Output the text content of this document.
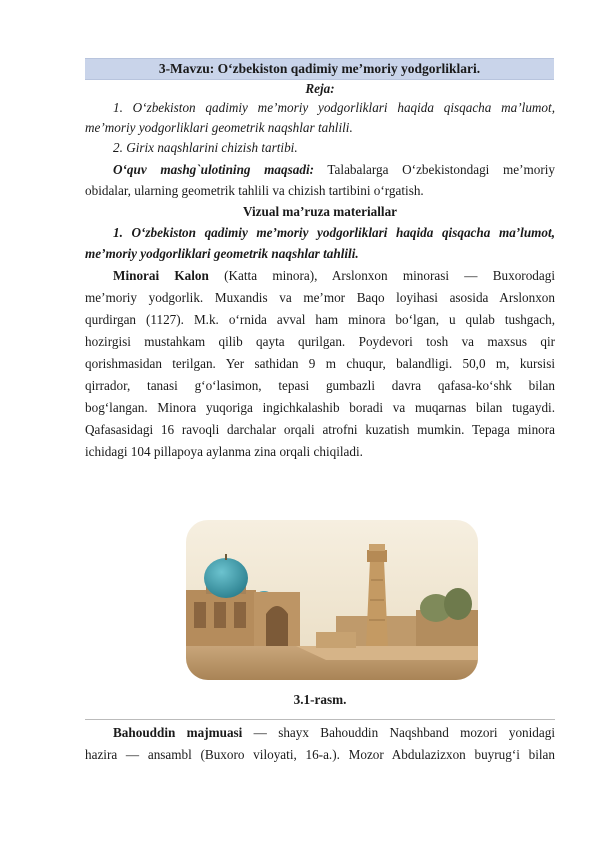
3-Mavzu: O‘zbekiston qadimiy me’moriy yodgorliklari.
Reja:
1. O‘zbekiston qadimiy me’moriy yodgorliklari haqida qisqacha ma’lumot,
me’moriy yodgorliklari geometrik naqshlar tahlili.
2. Girix naqshlarini chizish tartibi.
O‘quv mashg`ulotining maqsadi: Talabalarga O‘zbekistondagi me’moriy
obidalar, ularning geometrik tahlili va chizish tartibini o‘rgatish.
Vizual ma’ruza materiallar
1. O‘zbekiston qadimiy me’moriy yodgorliklari haqida qisqacha ma’lumot,
me’moriy yodgorliklari geometrik naqshlar tahlili.
Minorai Kalon (Katta minora), Arslonxon minorasi — Buxorodagi
me’moriy yodgorlik. Muxandis va me’mor Baqo loyihasi asosida Arslonxon
qurdirgan (1127). M.k. o‘rnida avval ham minora bo‘lgan, u qulab tushgach,
hozirgisi mustahkam qilib qayta qurilgan. Poydevori tosh va maxsus qir
qorishmasidan terilgan. Yer sathidan 9 m chuqur, balandligi. 50,0 m, kursisi
qirrador, tanasi g‘o‘lasimon, tepasi gumbazli davra qafasa-ko‘shk bilan
bog‘langan. Minora yuqoriga ingichkalashib boradi va muqarnas bilan tugaydi.
Qafasasidagi 16 ravoqli darchalar orqali atrofni kuzatish mumkin. Tepaga minora
ichidagi 104 pillapoya aylanma zina orqali chiqiladi.
3.1-rasm.
Bahouddin majmuasi — shayx Bahouddin Naqshband mozori yonidagi
hazira — ansambl (Buxoro viloyati, 16-a.). Mozor Abdulazizxon buyrug‘i bilan
